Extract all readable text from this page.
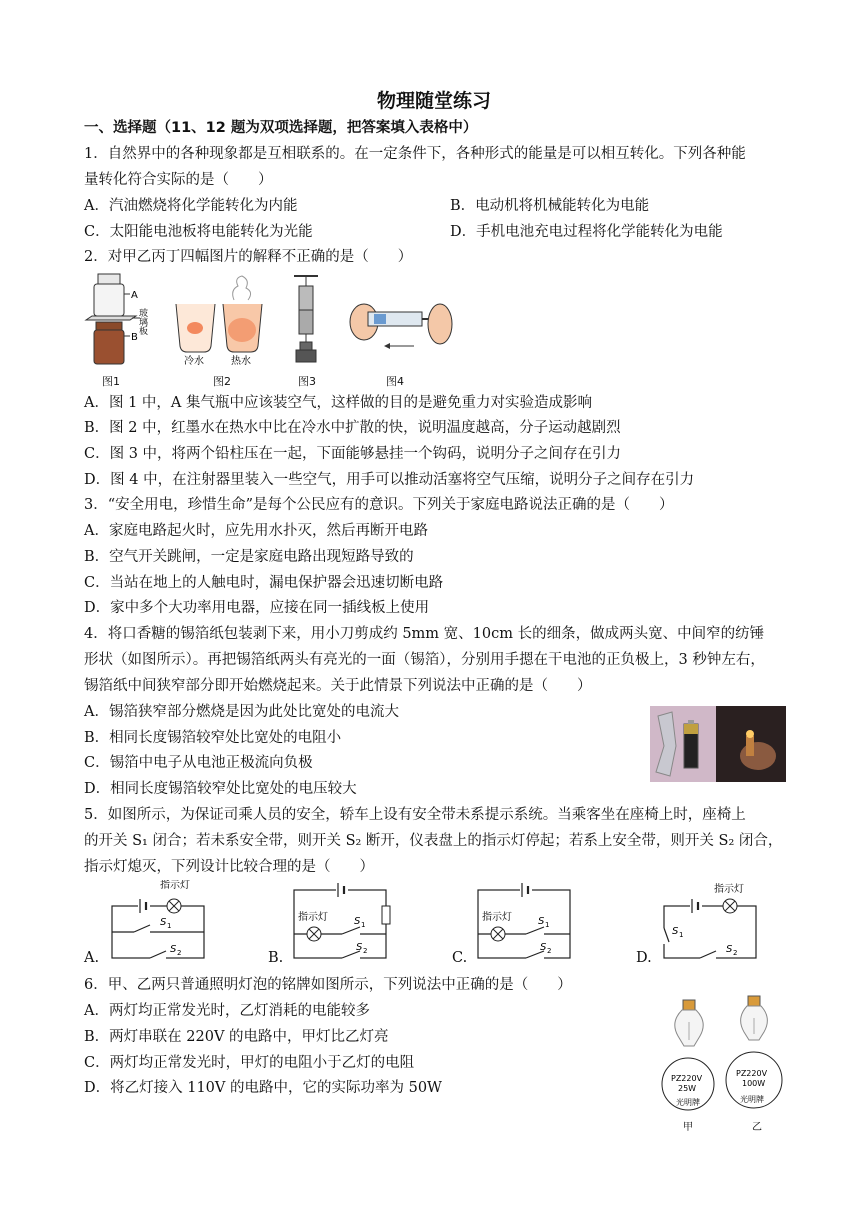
物理随堂练习
一、选择题（11、12 题为双项选择题，把答案填入表格中）
1．自然界中的各种现象都是互相联系的。在一定条件下，各种形式的能量是可以相互转化。下列各种能
量转化符合实际的是（　　）
A．汽油燃烧将化学能转化为内能	B．电动机将机械能转化为电能
C．太阳能电池板将电能转化为光能	D．手机电池充电过程将化学能转化为电能
2．对甲乙丙丁四幅图片的解释不正确的是（　　）
A
B
玻璃板
冷水	热水
图1	图2	图3	图4
A．图 1 中，A 集气瓶中应该装空气，这样做的目的是避免重力对实验造成影响
B．图 2 中，红墨水在热水中比在冷水中扩散的快，说明温度越高，分子运动越剧烈
C．图 3 中，将两个铅柱压在一起，下面能够悬挂一个钩码，说明分子之间存在引力
D．图 4 中，在注射器里装入一些空气，用手可以推动活塞将空气压缩，说明分子之间存在引力
3．“安全用电，珍惜生命”是每个公民应有的意识。下列关于家庭电路说法正确的是（　　）
A．家庭电路起火时，应先用水扑灭，然后再断开电路
B．空气开关跳闸，一定是家庭电路出现短路导致的
C．当站在地上的人触电时，漏电保护器会迅速切断电路
D．家中多个大功率用电器，应接在同一插线板上使用
4．将口香糖的锡箔纸包装剥下来，用小刀剪成约 5mm 宽、10cm 长的细条，做成两头宽、中间窄的纺锤
形状（如图所示）。再把锡箔纸两头有亮光的一面（锡箔），分别用手摁在干电池的正负极上，3 秒钟左右，
锡箔纸中间狭窄部分即开始燃烧起来。关于此情景下列说法中正确的是（　　）
A．锡箔狭窄部分燃烧是因为此处比宽处的电流大
B．相同长度锡箔较窄处比宽处的电阻小
C．锡箔中电子从电池正极流向负极
D．相同长度锡箔较窄处比宽处的电压较大
5．如图所示，为保证司乘人员的安全，轿车上设有安全带未系提示系统。当乘客坐在座椅上时，座椅上
的开关 S₁ 闭合；若未系安全带，则开关 S₂ 断开，仪表盘上的指示灯停起；若系上安全带，则开关 S₂ 闭合，
指示灯熄灭，下列设计比较合理的是（　　）
指示灯
S 1
S 2
指示灯	S 1
S 2
指示灯	S 1
S 2
指示灯
S 1
S 2
A.	B.	C.	D.
6．甲、乙两只普通照明灯泡的铭牌如图所示，下列说法中正确的是（　　）
A．两灯均正常发光时，乙灯消耗的电能较多
B．两灯串联在 220V 的电路中，甲灯比乙灯亮
C．两灯均正常发光时，甲灯的电阻小于乙灯的电阻
D．将乙灯接入 110V 的电路中，它的实际功率为 50W
PZ220V
25W
光明牌
甲
PZ220V
100W
光明牌
乙
